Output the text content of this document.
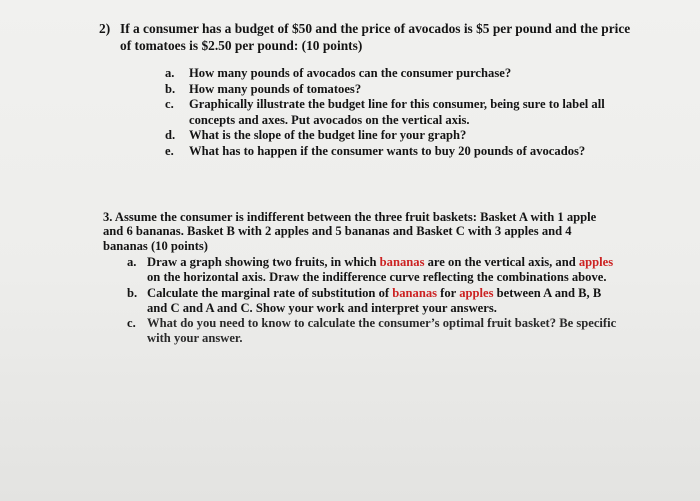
2) If a consumer has a budget of $50 and the price of avocados is $5 per pound and the price of tomatoes is $2.50 per pound: (10 points)
a.	How many pounds of avocados can the consumer purchase?
b.	How many pounds of tomatoes?
c.	Graphically illustrate the budget line for this consumer, being sure to label all concepts and axes. Put avocados on the vertical axis.
d.	What is the slope of the budget line for your graph?
e.	What has to happen if the consumer wants to buy 20 pounds of avocados?
3. Assume the consumer is indifferent between the three fruit baskets: Basket A with 1 apple and 6 bananas. Basket B with 2 apples and 5 bananas and Basket C with 3 apples and 4 bananas (10 points)
a. Draw a graph showing two fruits, in which bananas are on the vertical axis, and apples on the horizontal axis. Draw the indifference curve reflecting the combinations above.
b. Calculate the marginal rate of substitution of bananas for apples between A and B, B and C and A and C. Show your work and interpret your answers.
c. What do you need to know to calculate the consumer’s optimal fruit basket? Be specific with your answer.
